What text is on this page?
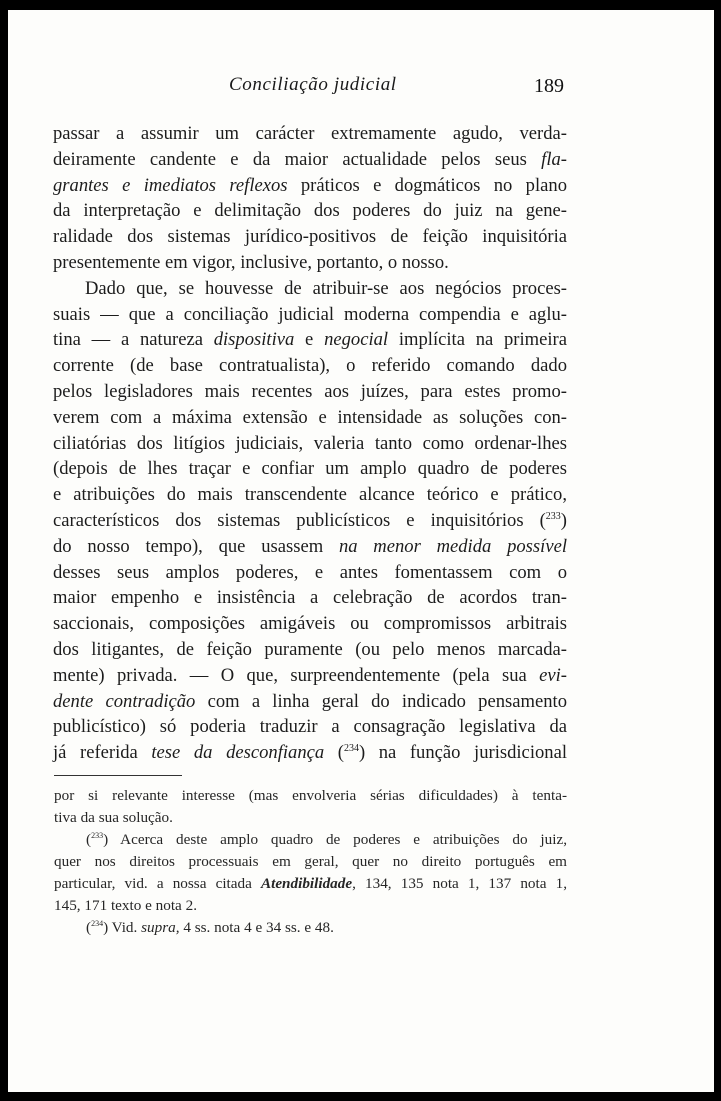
Conciliação judicial	189

passar a assumir um carácter extremamente agudo, verda-
deiramente candente e da maior actualidade pelos seus fla-
grantes e imediatos reflexos práticos e dogmáticos no plano
da interpretação e delimitação dos poderes do juiz na gene-
ralidade dos sistemas jurídico-positivos de feição inquisitória
presentemente em vigor, inclusive, portanto, o nosso.

Dado que, se houvesse de atribuir-se aos negócios proces-
suais — que a conciliação judicial moderna compendia e aglu-
tina — a natureza dispositiva e negocial implícita na primeira
corrente (de base contratualista), o referido comando dado
pelos legisladores mais recentes aos juízes, para estes promo-
verem com a máxima extensão e intensidade as soluções con-
ciliatórias dos litígios judiciais, valeria tanto como ordenar-lhes
(depois de lhes traçar e confiar um amplo quadro de poderes
e atribuições do mais transcendente alcance teórico e prático,
característicos dos sistemas publicísticos e inquisitórios ($^{233}$)
do nosso tempo), que usassem na menor medida possível
desses seus amplos poderes, e antes fomentassem com o
maior empenho e insistência a celebração de acordos tran-
saccionais, composições amigáveis ou compromissos arbitrais
dos litigantes, de feição puramente (ou pelo menos marcada-
mente) privada. — O que, surpreendentemente (pela sua evi-
dente contradição com a linha geral do indicado pensamento
publicístico) só poderia traduzir a consagração legislativa da
já referida tese da desconfiança ($^{234}$) na função jurisdicional

por si relevante interesse (mas envolveria sérias dificuldades) à tenta-
tiva da sua solução.

($^{233}$) Acerca deste amplo quadro de poderes e atribuições do juiz,
quer nos direitos processuais em geral, quer no direito português em
particular, vid. a nossa citada Atendibilidade, 134, 135 nota 1, 137 nota 1,
145, 171 texto e nota 2.

($^{234}$) Vid. supra, 4 ss. nota 4 e 34 ss. e 48.
